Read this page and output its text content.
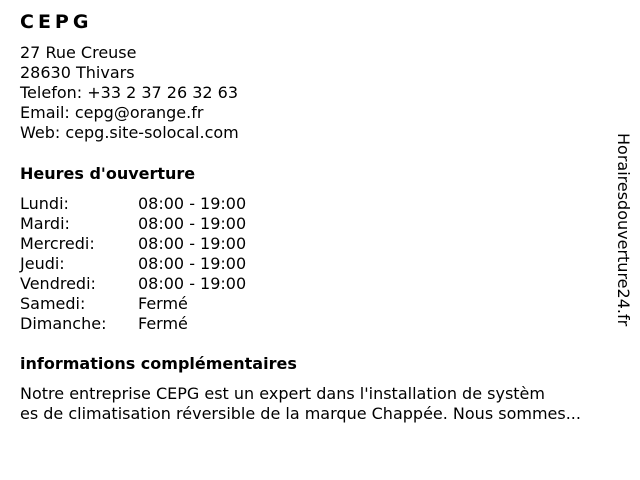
CEPG
27 Rue Creuse
28630 Thivars
Telefon: +33 2 37 26 32 63
Email: cepg@orange.fr
Web: cepg.site-solocal.com
Heures d'ouverture
Lundi:	08:00 - 19:00
Mardi:	08:00 - 19:00
Mercredi:	08:00 - 19:00
Jeudi:	08:00 - 19:00
Vendredi:	08:00 - 19:00
Samedi:	Fermé
Dimanche: Fermé
informations complémentaires
Notre entreprise CEPG est un expert dans l'installation de systèm
es de climatisation réversible de la marque Chappée. Nous sommes...
Horairesdouverture24.fr
